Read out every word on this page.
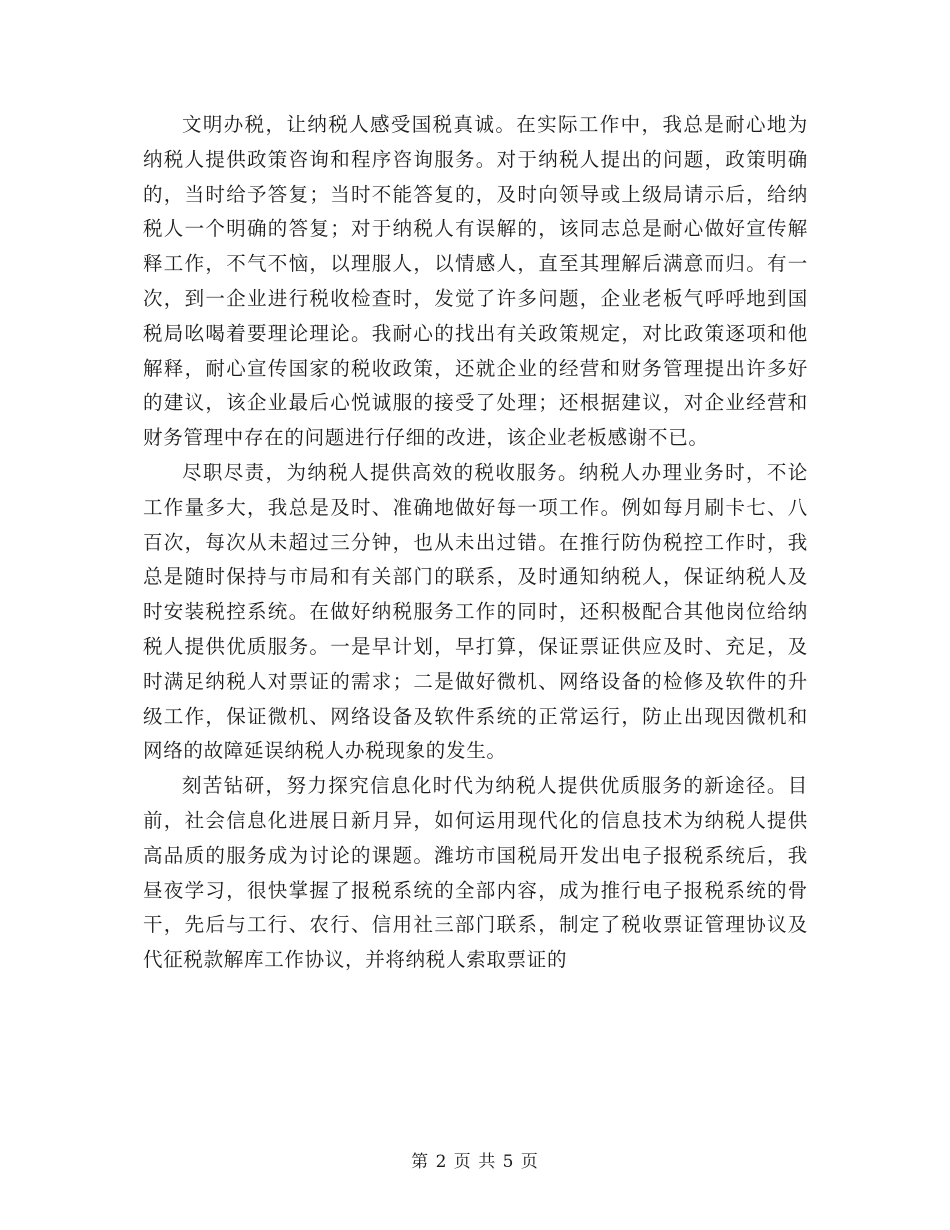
文明办税，让纳税人感受国税真诚。在实际工作中，我总是耐心地为纳税人提供政策咨询和程序咨询服务。对于纳税人提出的问题，政策明确的，当时给予答复；当时不能答复的，及时向领导或上级局请示后，给纳税人一个明确的答复；对于纳税人有误解的，该同志总是耐心做好宣传解释工作，不气不恼，以理服人，以情感人，直至其理解后满意而归。有一次，到一企业进行税收检查时，发觉了许多问题，企业老板气呼呼地到国税局吆喝着要理论理论。我耐心的找出有关政策规定，对比政策逐项和他解释，耐心宣传国家的税收政策，还就企业的经营和财务管理提出许多好的建议，该企业最后心悦诚服的接受了处理；还根据建议，对企业经营和财务管理中存在的问题进行仔细的改进，该企业老板感谢不已。

尽职尽责，为纳税人提供高效的税收服务。纳税人办理业务时，不论工作量多大，我总是及时、准确地做好每一项工作。例如每月刷卡七、八百次，每次从未超过三分钟，也从未出过错。在推行防伪税控工作时，我总是随时保持与市局和有关部门的联系，及时通知纳税人，保证纳税人及时安装税控系统。在做好纳税服务工作的同时，还积极配合其他岗位给纳税人提供优质服务。一是早计划，早打算，保证票证供应及时、充足，及时满足纳税人对票证的需求；二是做好微机、网络设备的检修及软件的升级工作，保证微机、网络设备及软件系统的正常运行，防止出现因微机和网络的故障延误纳税人办税现象的发生。

刻苦钻研，努力探究信息化时代为纳税人提供优质服务的新途径。目前，社会信息化进展日新月异，如何运用现代化的信息技术为纳税人提供高品质的服务成为讨论的课题。潍坊市国税局开发出电子报税系统后，我昼夜学习，很快掌握了报税系统的全部内容，成为推行电子报税系统的骨干，先后与工行、农行、信用社三部门联系，制定了税收票证管理协议及代征税款解库工作协议，并将纳税人索取票证的

第 2 页 共 5 页
